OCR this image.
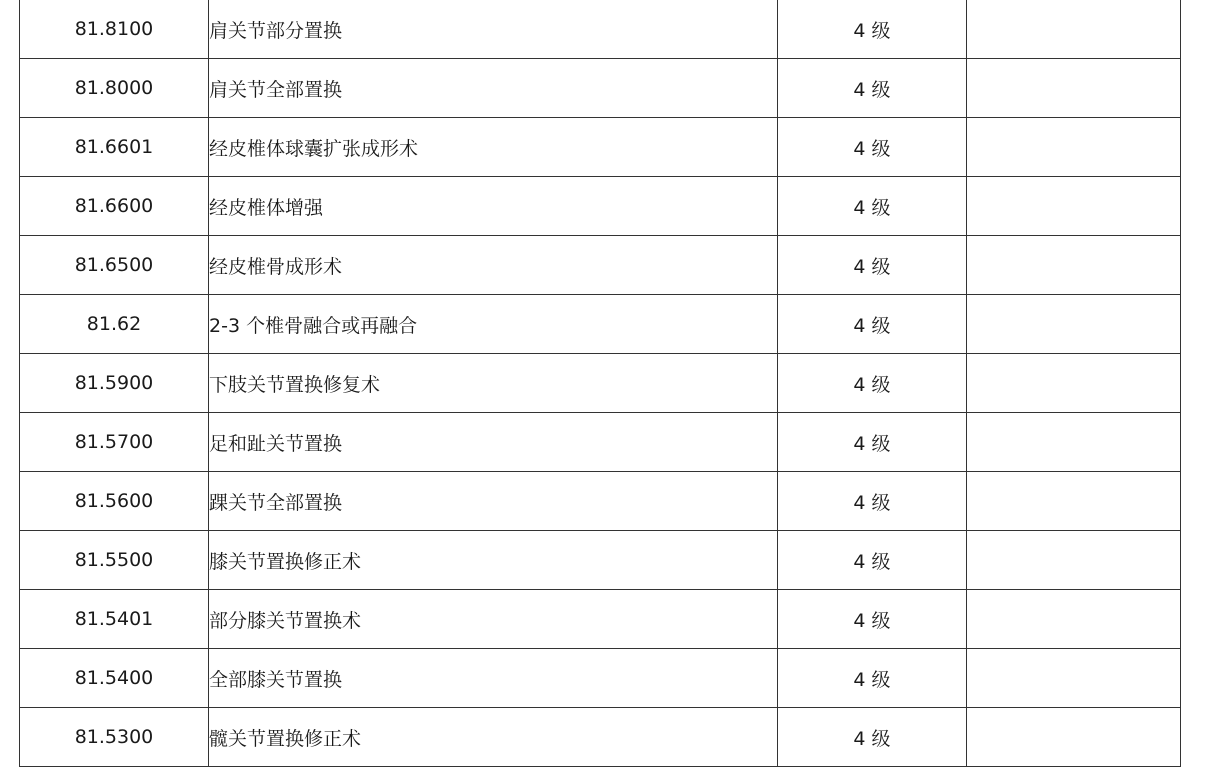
81.8100	肩关节部分置换	4 级	
81.8000	肩关节全部置换	4 级	
81.6601	经皮椎体球囊扩张成形术	4 级	
81.6600	经皮椎体增强	4 级	
81.6500	经皮椎骨成形术	4 级	
81.62	2-3 个椎骨融合或再融合	4 级	
81.5900	下肢关节置换修复术	4 级	
81.5700	足和趾关节置换	4 级	
81.5600	踝关节全部置换	4 级	
81.5500	膝关节置换修正术	4 级	
81.5401	部分膝关节置换术	4 级	
81.5400	全部膝关节置换	4 级	
81.5300	髋关节置换修正术	4 级	
